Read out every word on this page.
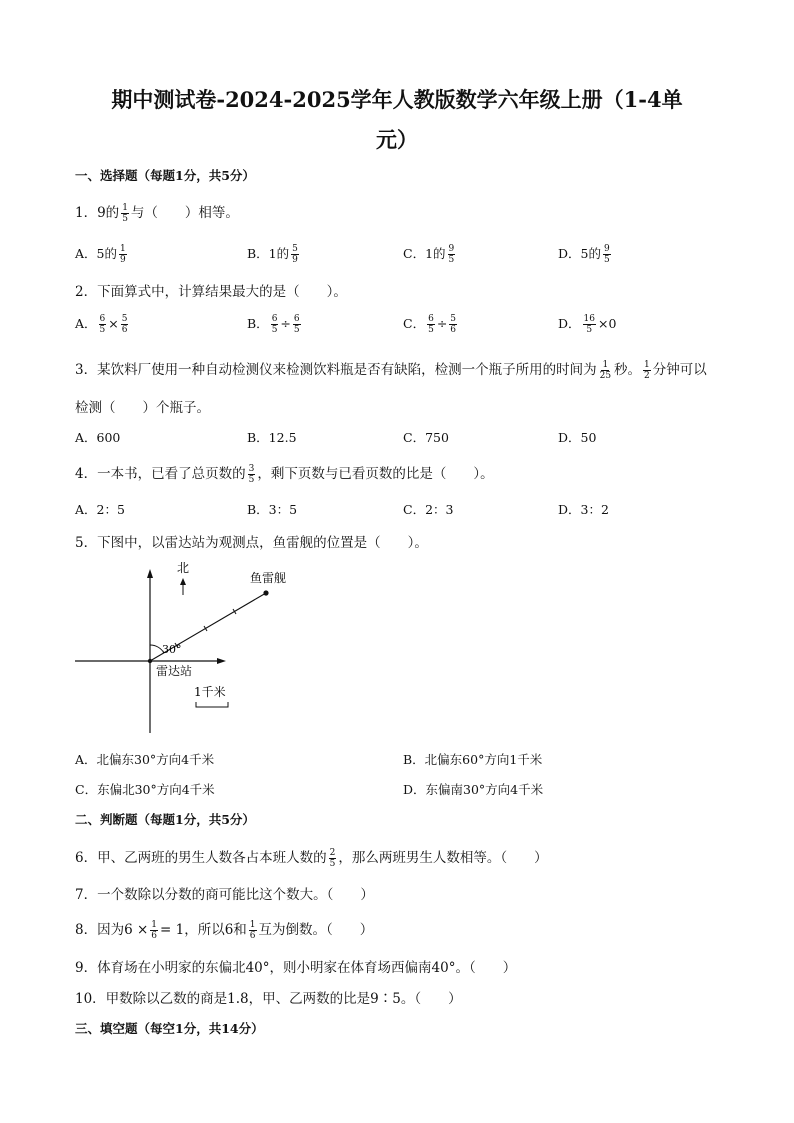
期中测试卷-2024-2025学年人教版数学六年级上册（1-4单
元）
一、选择题（每题1分，共5分）
1．9的 $\frac{1}{5}$ 与（　　）相等。
A．5的 $\frac{1}{9}$	B．1的 $\frac{5}{9}$	C．1的 $\frac{9}{5}$	D．5的 $\frac{9}{5}$
2．下面算式中，计算结果最大的是（　　）。
A． $\frac{6}{5} \times \frac{5}{6}$	B． $\frac{6}{5} \div \frac{6}{5}$	C． $\frac{6}{5} \div \frac{5}{6}$	D． $\frac{16}{5} \times 0$
3．某饮料厂使用一种自动检测仪来检测饮料瓶是否有缺陷，检测一个瓶子所用的时间为 $\frac{1}{25}$ 秒。 $\frac{1}{2}$ 分钟可以
检测（　　）个瓶子。
A．600	B．12.5	C．750	D．50
4．一本书，已看了总页数的 $\frac{3}{5}$ ，剩下页数与已看页数的比是（　　）。
A．2：5	B．3：5	C．2：3	D．3：2
5．下图中，以雷达站为观测点，鱼雷舰的位置是（　　）。
北
鱼雷舰
30°
雷达站
1千米
A．北偏东30°方向4千米	B．北偏东60°方向1千米
C．东偏北30°方向4千米	D．东偏南30°方向4千米
二、判断题（每题1分，共5分）
6．甲、乙两班的男生人数各占本班人数的 $\frac{2}{5}$ ，那么两班男生人数相等。（　　）
7．一个数除以分数的商可能比这个数大。（　　）
8．因为$6 \times \frac{1}{6} = 1$，所以6和 $\frac{1}{6}$ 互为倒数。（　　）
9．体育场在小明家的东偏北40°，则小明家在体育场西偏南40°。（　　）
10．甲数除以乙数的商是1.8，甲、乙两数的比是9∶5。（　　）
三、填空题（每空1分，共14分）
